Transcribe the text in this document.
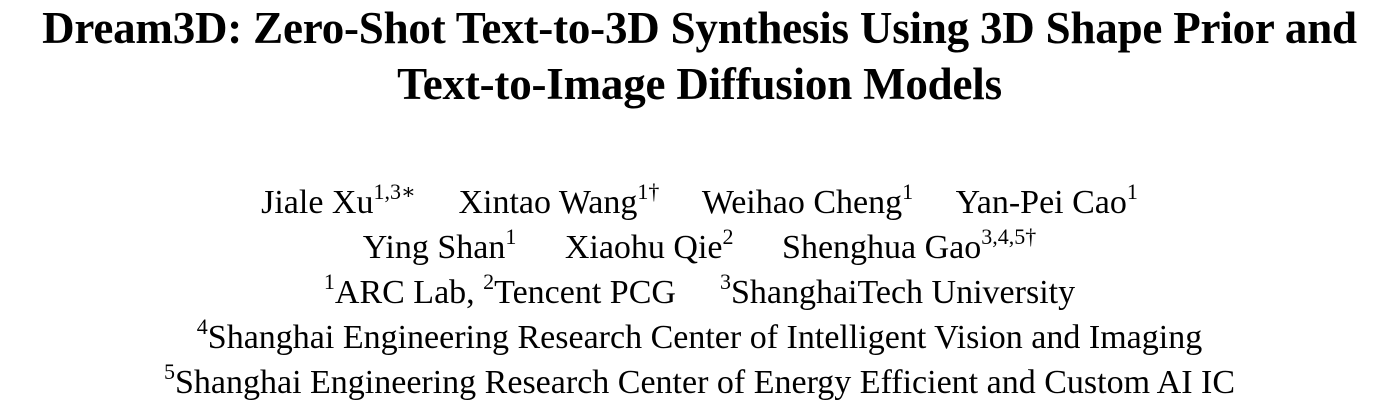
Dream3D: Zero-Shot Text-to-3D Synthesis Using 3D Shape Prior and
Text-to-Image Diffusion Models
Jiale $Xu^{1,3∗}$ Xintao Wang$^{1\dagger}$ Weihao Cheng$^1$ Yan-Pei Cao$^1$
Ying Shan$^1$ Xiaohu Qie$^2$ Shenghua Gao$^{3,4,5\dagger}$
$^1$ARC Lab, $^2$Tencent PCG $^3$ShanghaiTech University
$^4$Shanghai Engineering Research Center of Intelligent Vision and Imaging
$^5$Shanghai Engineering Research Center of Energy Efficient and Custom AI IC
